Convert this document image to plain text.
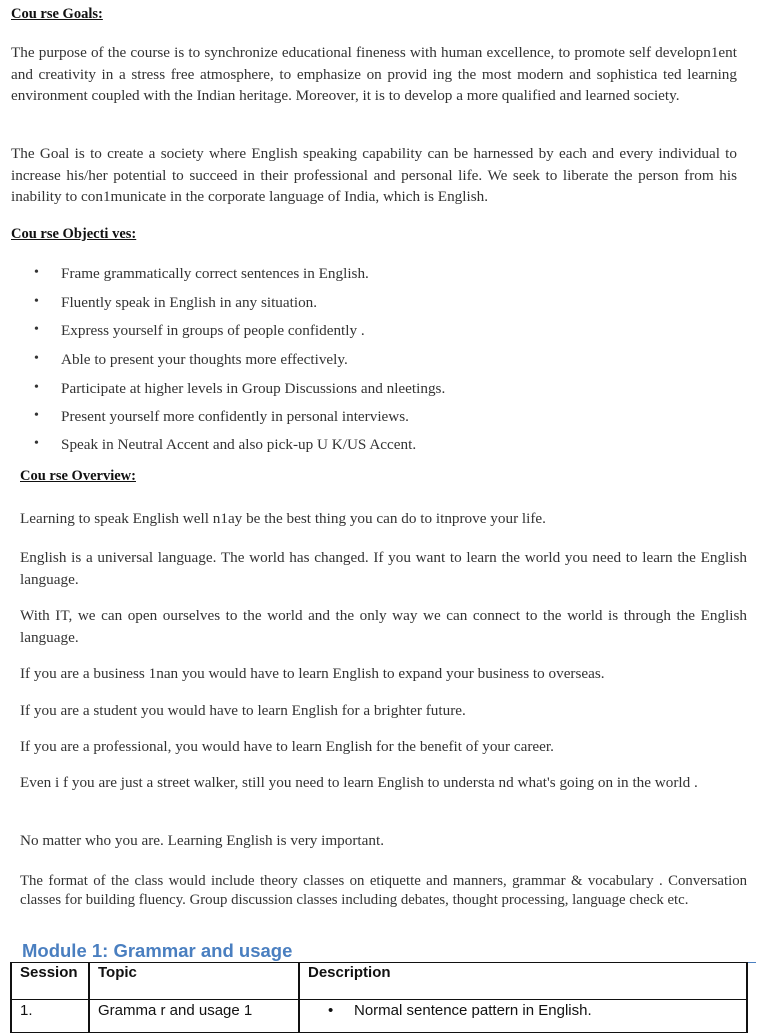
Cou rse Goals:
The purpose of the course is to synchronize educational fineness with human excellence, to promote self developn1ent and creativity in a stress free atmosphere, to emphasize on provid ing the most modern and sophistica ted learning environment coupled with the Indian heritage. Moreover, it is to develop a more qualified and learned society.
The Goal is to create a society where English speaking capability can be harnessed by each and every individual to increase his/her potential to succeed in their professional and personal life. We seek to liberate the person from his inability to con1municate in the corporate language of India, which is English.
Cou rse Objecti ves:
• Frame grammatically correct sentences in English.
• Fluently speak in English in any situation.
• Express yourself in groups of people confidently .
• Able to present your thoughts more effectively.
• Participate at higher levels in Group Discussions and nleetings.
• Present yourself more confidently in personal interviews.
• Speak in Neutral Accent and also pick-up U K/US Accent.
Cou rse Overview:
Learning to speak English well n1ay be the best thing you can do to itnprove your life.
English is a universal language. The world has changed. If you want to learn the world you need to learn the English language.
With IT, we can open ourselves to the world and the only way we can connect to the world is through the English language.
If you are a business 1nan you would have to learn English to expand your business to overseas.
If you are a student you would have to learn English for a brighter future.
If you are a professional, you would have to learn English for the benefit of your career.
Even i f you are just a street walker, still you need to learn English to understa nd what's going on in the world .
No matter who you are. Learning English is very important.
The format of the class would include theory classes on etiquette and manners, grammar & vocabulary . Conversation classes for building fluency. Group discussion classes including debates, thought processing, language check etc.
Module 1: Grammar and usage
Session	Topic	Description
1.	Gramma r and usage 1	• Normal sentence pattern in English.
